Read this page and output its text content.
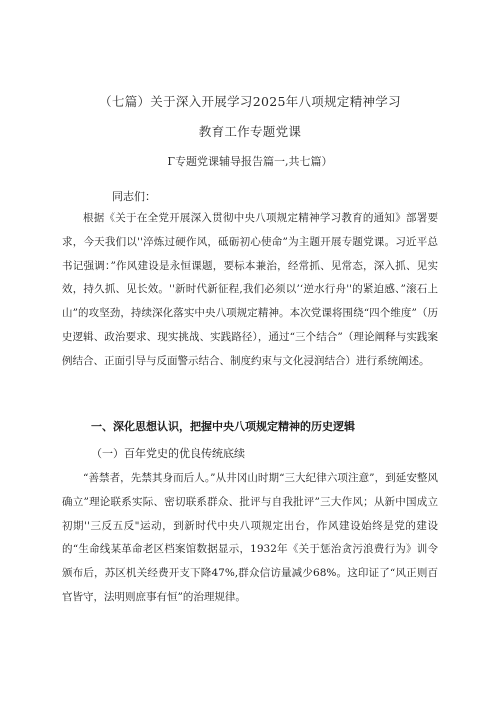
（七篇）关于深入开展学习2025年八项规定精神学习
教育工作专题党课
Γ专题党课辅导报告篇一,共七篇）
同志们：

根据《关于在全党开展深入贯彻中央八项规定精神学习教育的通知》部署要求，今天我们以''淬炼过硬作风，砥砺初心使命”为主题开展专题党课。习近平总书记强调：”作风建设是永恒课题，要标本兼治，经常抓、见常态，深入抓、见实效，持久抓、见长效。''新时代新征程,我们必须以’‘逆水行舟''的紧迫感、”滚石上山”的攻坚劲，持续深化落实中央八项规定精神。本次党课将围绕“四个维度”（历史逻辑、政治要求、现实挑战、实践路径），通过“三个结合”（理论阐释与实践案例结合、正面引导与反面警示结合、制度约束与文化浸润结合）进行系统阐述。

一、深化思想认识，把握中央八项规定精神的历史逻辑
（一）百年党史的优良传统底续

“善禁者，先禁其身而后人。”从井冈山时期“三大纪律六项注意”，到延安整风确立”理论联系实际、密切联系群众、批评与自我批评”三大作风；从新中国成立初期''三反五反"运动，到新时代中央八项规定出台，作风建设始终是党的建设的“生命线某革命老区档案馆数据显示，1932年《关于惩治贪污浪费行为》训令颁布后，苏区机关经费开支下降47%,群众信访量减少68%。这印证了“风正则百官皆守，法明则庶事有恒”的治理规律。
